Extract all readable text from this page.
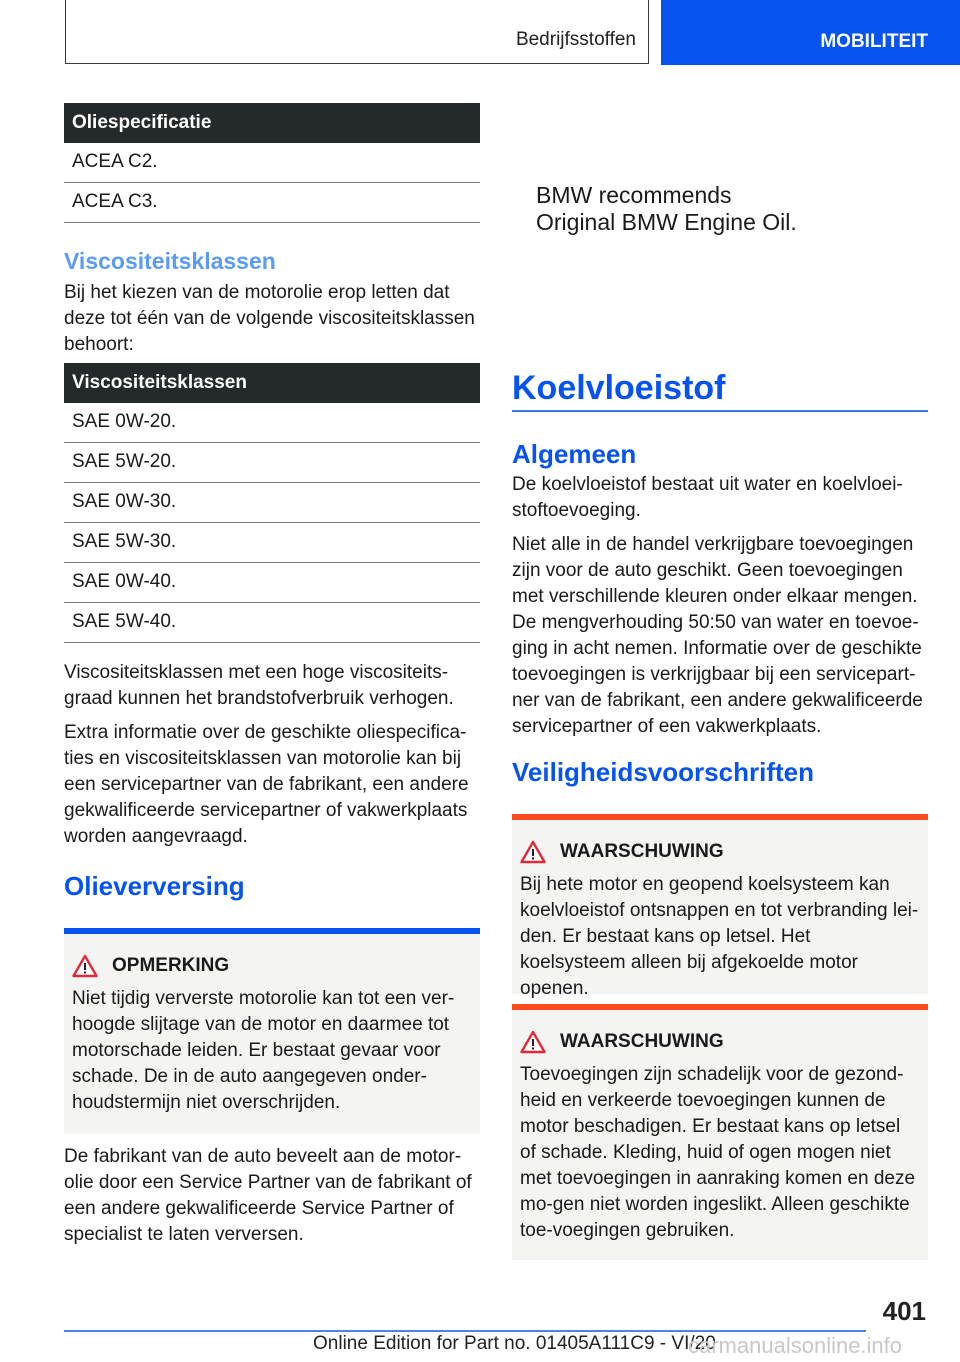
Bedrijfsstoffen	MOBILITEIT
Oliespecificatie
ACEA C2.
ACEA C3.
Viscositeitsklassen
Bij het kiezen van de motorolie erop letten dat deze tot één van de volgende viscositeitsklassen behoort:
Viscositeitsklassen
SAE 0W-20.
SAE 5W-20.
SAE 0W-30.
SAE 5W-30.
SAE 0W-40.
SAE 5W-40.
Viscositeitsklassen met een hoge viscositeits-graad kunnen het brandstofverbruik verhogen.
Extra informatie over de geschikte oliespecifica-ties en viscositeitsklassen van motorolie kan bij een servicepartner van de fabrikant, een andere gekwalificeerde servicepartner of vakwerkplaats worden aangevraagd.
Olieverversing
OPMERKING
Niet tijdig ververste motorolie kan tot een ver-hoogde slijtage van de motor en daarmee tot motorschade leiden. Er bestaat gevaar voor schade. De in de auto aangegeven onder-houdstermijn niet overschrijden.
De fabrikant van de auto beveelt aan de motor-olie door een Service Partner van de fabrikant of een andere gekwalificeerde Service Partner of specialist te laten verversen.
BMW recommends
Original BMW Engine Oil.
Koelvloeistof
Algemeen
De koelvloeistof bestaat uit water en koelvloei-stoftoevoeging.
Niet alle in de handel verkrijgbare toevoegingen zijn voor de auto geschikt. Geen toevoegingen met verschillende kleuren onder elkaar mengen. De mengverhouding 50:50 van water en toevoe-ging in acht nemen. Informatie over de geschikte toevoegingen is verkrijgbaar bij een servicepart-ner van de fabrikant, een andere gekwalificeerde servicepartner of een vakwerkplaats.
Veiligheidsvoorschriften
WAARSCHUWING
Bij hete motor en geopend koelsysteem kan koelvloeistof ontsnappen en tot verbranding lei-den. Er bestaat kans op letsel. Het koelsysteem alleen bij afgekoelde motor openen.
WAARSCHUWING
Toevoegingen zijn schadelijk voor de gezond-heid en verkeerde toevoegingen kunnen de motor beschadigen. Er bestaat kans op letsel of schade. Kleding, huid of ogen mogen niet met toevoegingen in aanraking komen en deze mo-gen niet worden ingeslikt. Alleen geschikte toe-voegingen gebruiken.
401
Online Edition for Part no. 01405A111C9 - VI/20
carmanualsonline.info
